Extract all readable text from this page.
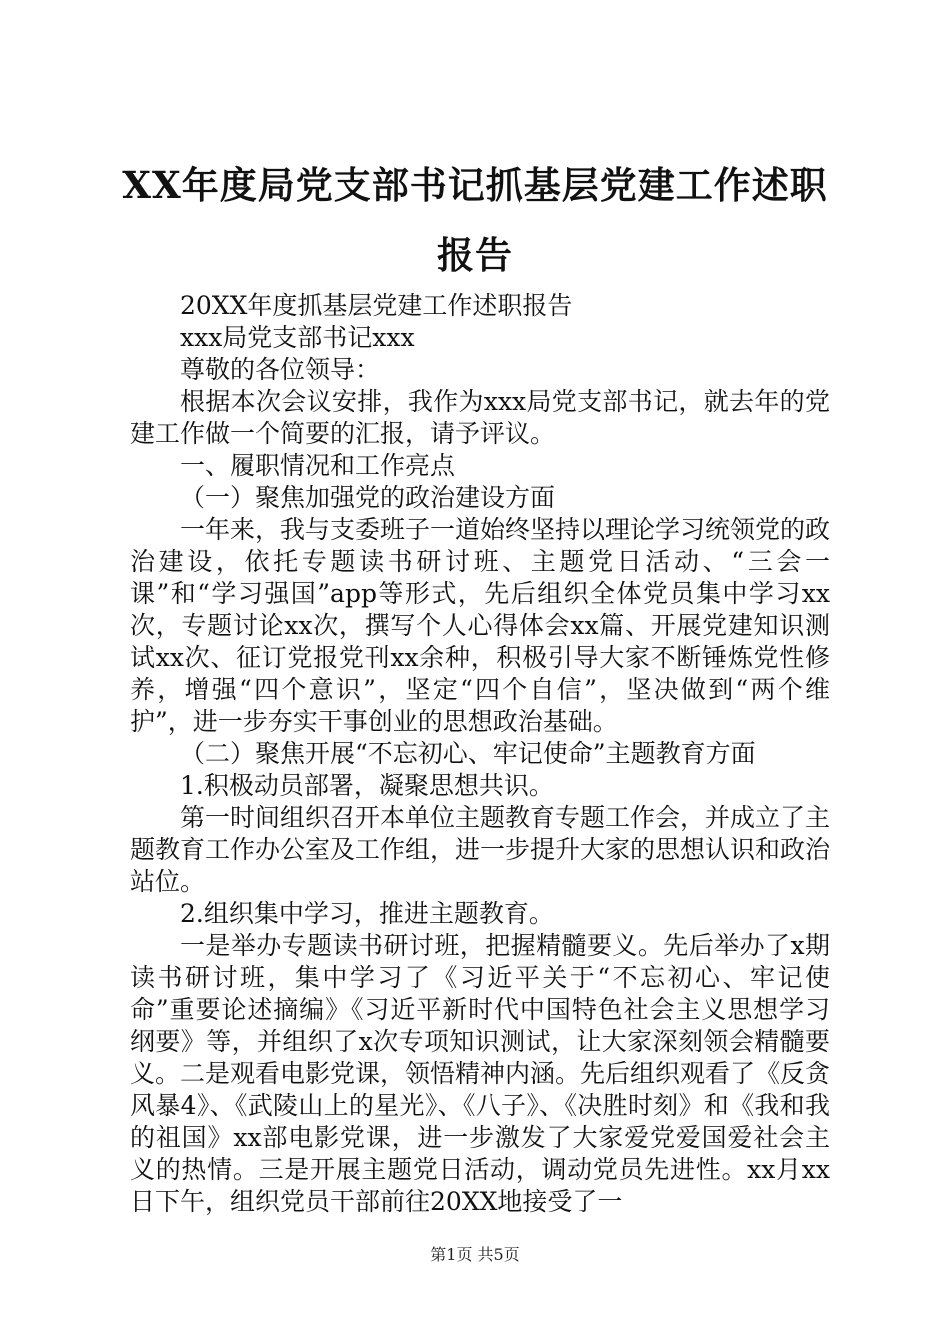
XX年度局党支部书记抓基层党建工作述职报告

20XX年度抓基层党建工作述职报告

xxx局党支部书记xxx

尊敬的各位领导：

根据本次会议安排，我作为xxx局党支部书记，就去年的党建工作做一个简要的汇报，请予评议。

一、履职情况和工作亮点

（一）聚焦加强党的政治建设方面

一年来，我与支委班子一道始终坚持以理论学习统领党的政治建设，依托专题读书研讨班、主题党日活动、“三会一课”和“学习强国”app等形式，先后组织全体党员集中学习xx次，专题讨论xx次，撰写个人心得体会xx篇、开展党建知识测试xx次、征订党报党刊xx余种，积极引导大家不断锤炼党性修养，增强“四个意识”，坚定“四个自信”，坚决做到“两个维护”，进一步夯实干事创业的思想政治基础。

（二）聚焦开展“不忘初心、牢记使命”主题教育方面

1.积极动员部署，凝聚思想共识。

第一时间组织召开本单位主题教育专题工作会，并成立了主题教育工作办公室及工作组，进一步提升大家的思想认识和政治站位。

2.组织集中学习，推进主题教育。

一是举办专题读书研讨班，把握精髓要义。先后举办了x期读书研讨班，集中学习了《习近平关于“不忘初心、牢记使命”重要论述摘编》《习近平新时代中国特色社会主义思想学习纲要》等，并组织了x次专项知识测试，让大家深刻领会精髓要义。二是观看电影党课，领悟精神内涵。先后组织观看了《反贪风暴4》、《武陵山上的星光》、《八子》、《决胜时刻》和《我和我的祖国》xx部电影党课，进一步激发了大家爱党爱国爱社会主义的热情。三是开展主题党日活动，调动党员先进性。xx月xx日下午，组织党员干部前往20XX地接受了一

第1页 共5页
